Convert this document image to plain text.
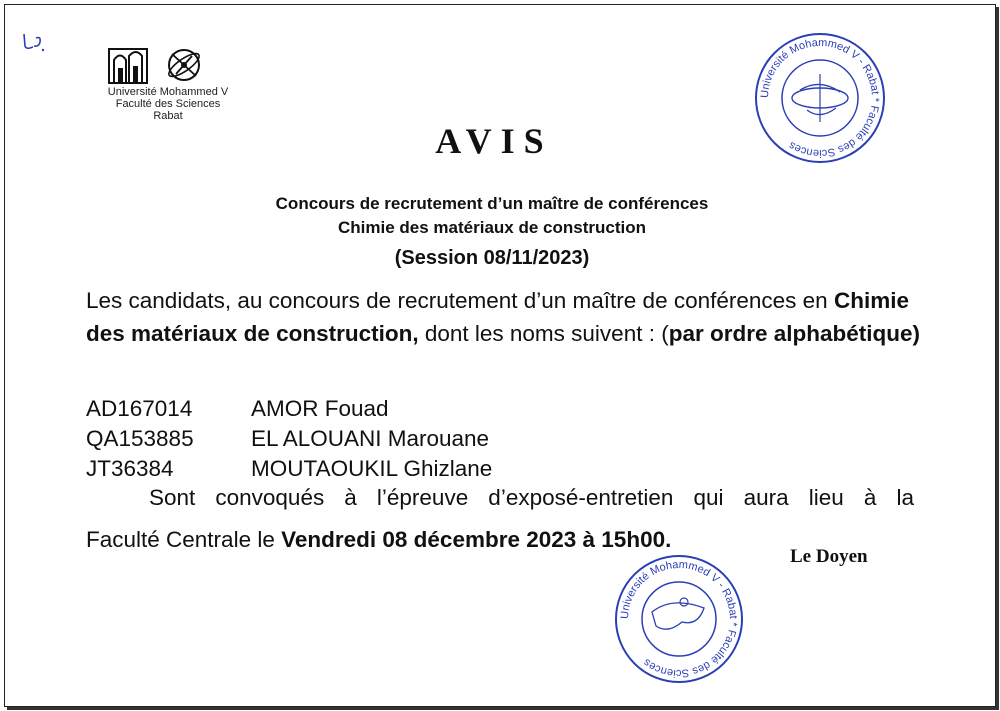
Université Mohammed V
Faculté des Sciences
Rabat
Université Mohammed V - Rabat * Faculté des Sciences
Université Mohammed V - Rabat * Faculté des Sciences
AVIS
Concours de recrutement d’un maître de conférences
Chimie des matériaux de construction
(Session 08/11/2023)
Les candidats, au concours de recrutement d’un maître de conférences en Chimie des matériaux de construction, dont les noms suivent : (par ordre alphabétique)
AD167014	AMOR Fouad
QA153885	EL ALOUANI Marouane
JT36384	MOUTAOUKIL Ghizlane
Sont convoqués à l’épreuve d’exposé-entretien qui aura lieu à la
Faculté Centrale le Vendredi 08 décembre 2023 à 15h00.
Le Doyen
